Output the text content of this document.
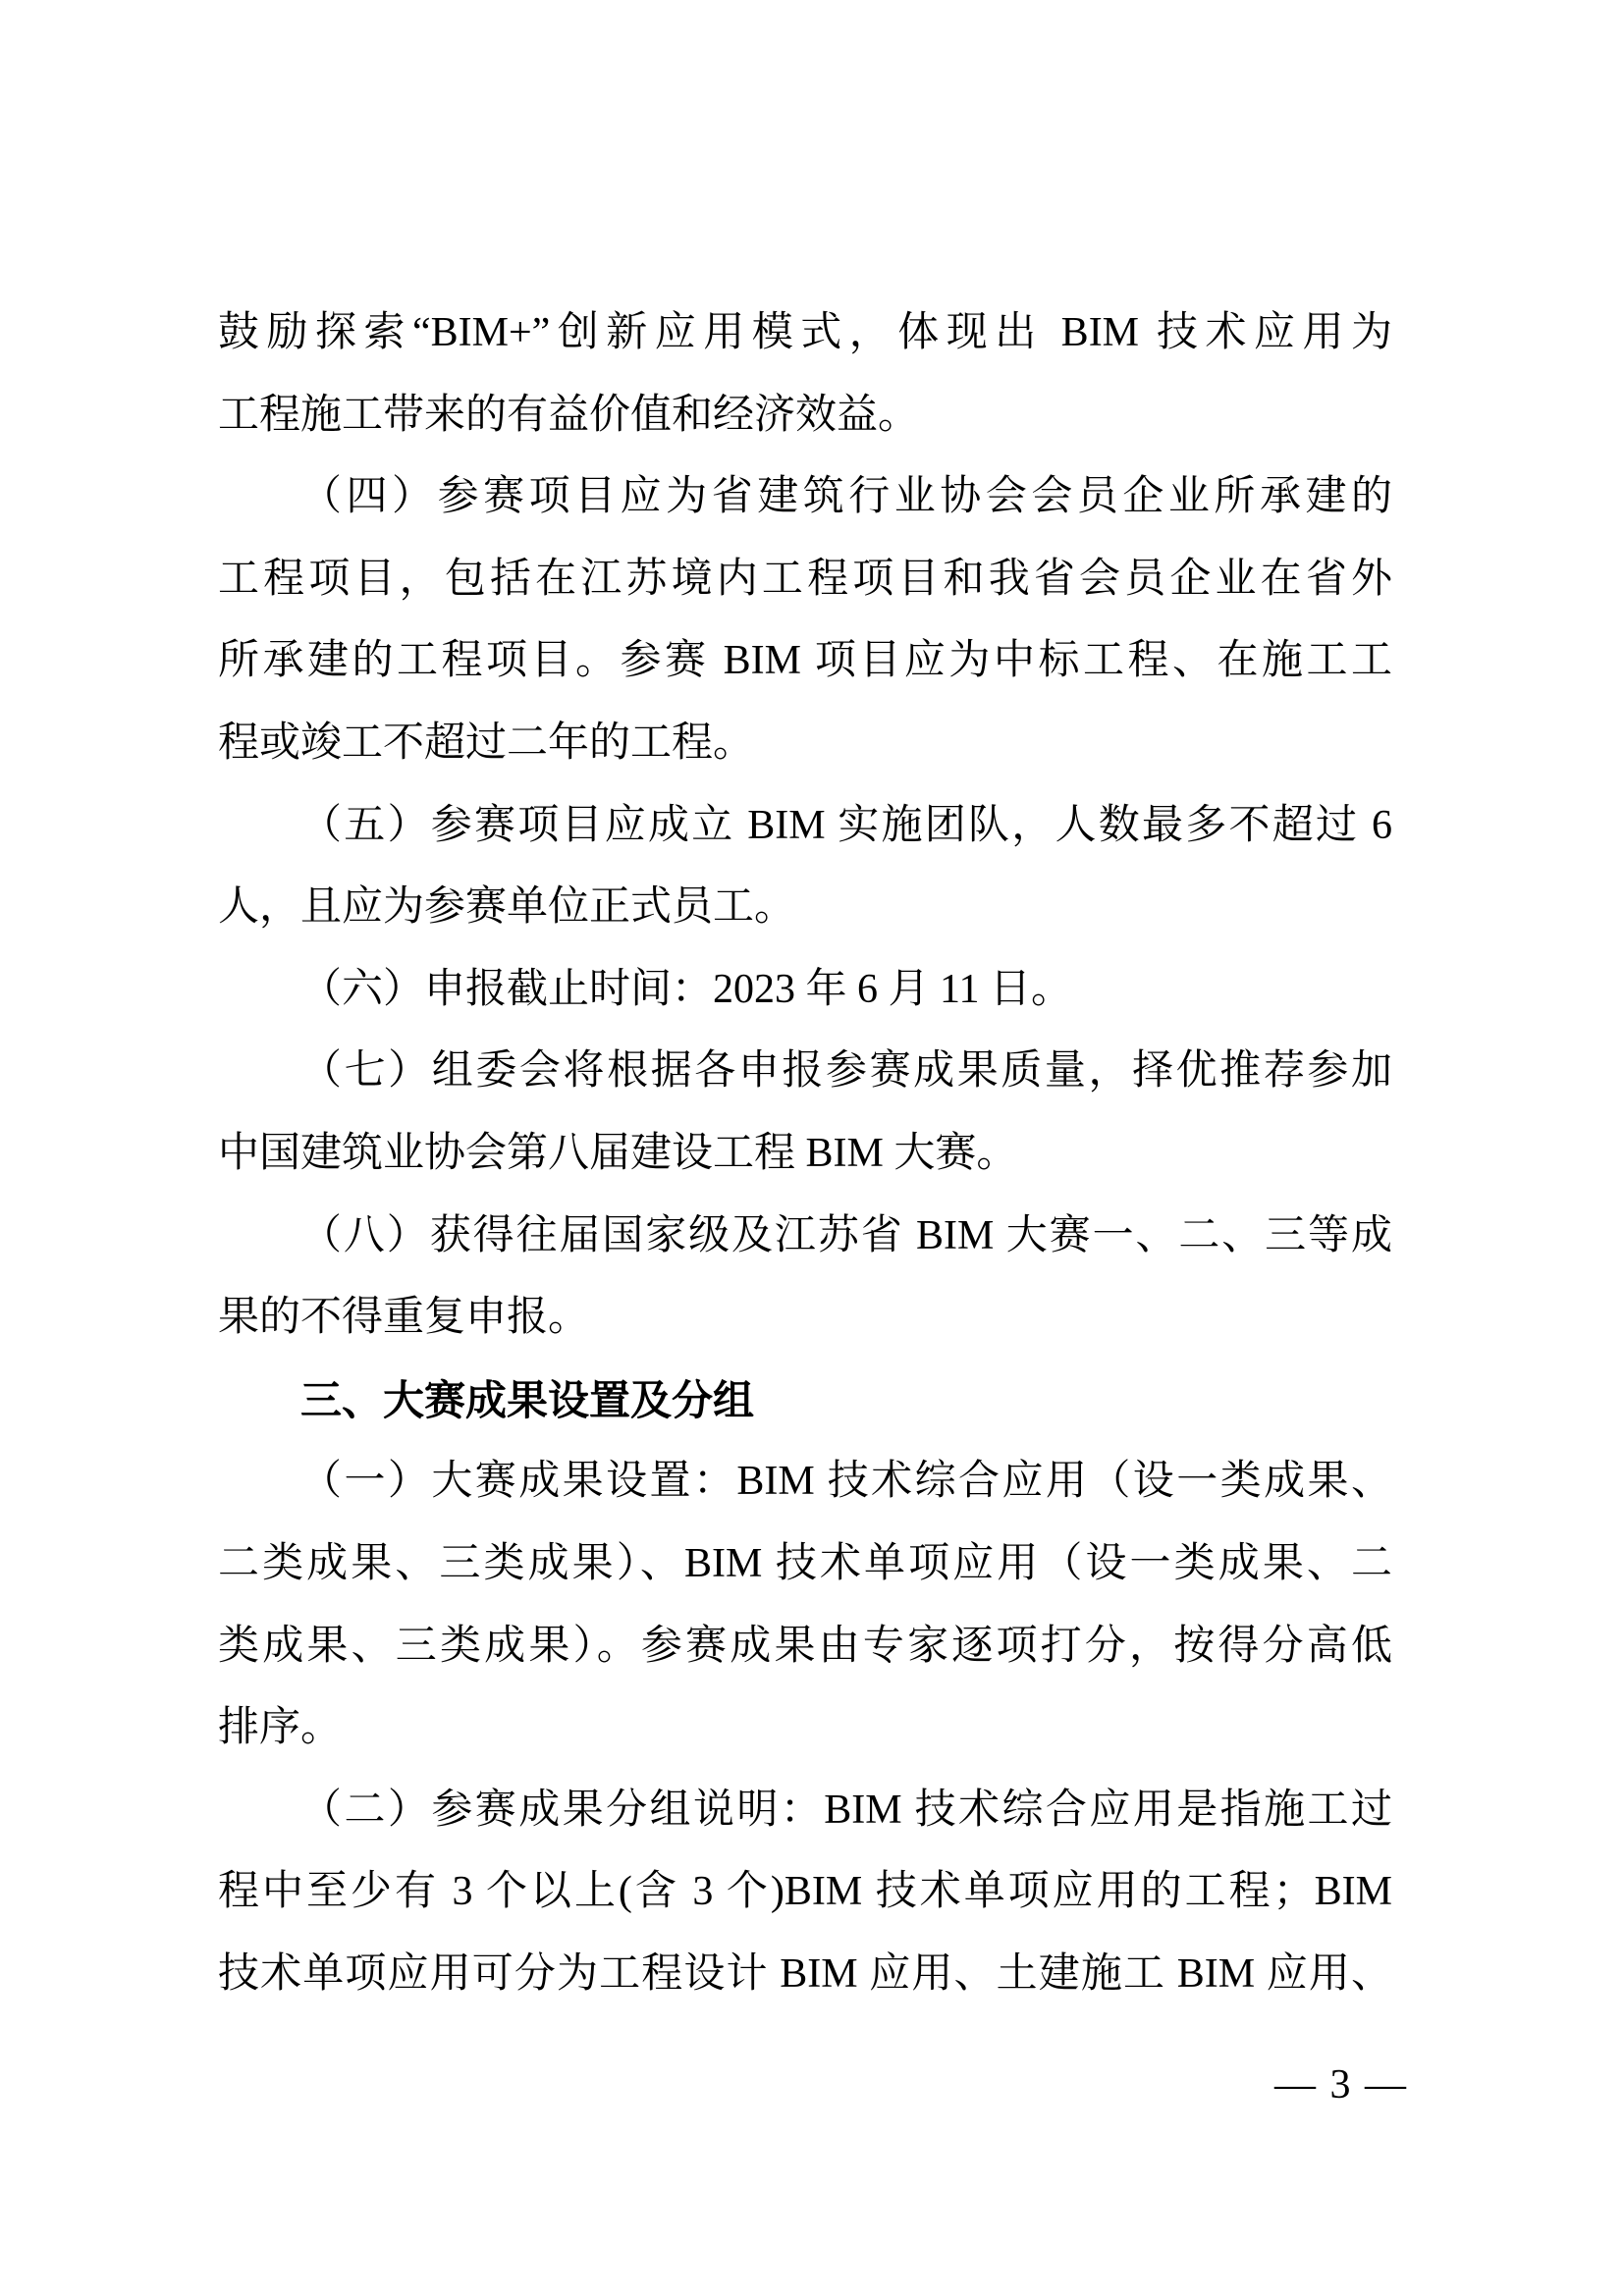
鼓励探索“BIM+”创新应用模式，体现出 BIM 技术应用为
工程施工带来的有益价值和经济效益。
（四）参赛项目应为省建筑行业协会会员企业所承建的
工程项目，包括在江苏境内工程项目和我省会员企业在省外
所承建的工程项目。参赛 BIM 项目应为中标工程、在施工工
程或竣工不超过二年的工程。
（五）参赛项目应成立 BIM 实施团队，人数最多不超过 6
人，且应为参赛单位正式员工。
（六）申报截止时间：2023 年 6 月 11 日。
（七）组委会将根据各申报参赛成果质量，择优推荐参加
中国建筑业协会第八届建设工程 BIM 大赛。
（八）获得往届国家级及江苏省 BIM 大赛一、二、三等成
果的不得重复申报。
三、大赛成果设置及分组
（一）大赛成果设置：BIM 技术综合应用（设一类成果、
二类成果、三类成果）、BIM 技术单项应用（设一类成果、二
类成果、三类成果）。参赛成果由专家逐项打分，按得分高低
排序。
（二）参赛成果分组说明：BIM 技术综合应用是指施工过
程中至少有 3 个以上(含 3 个)BIM 技术单项应用的工程；BIM
技术单项应用可分为工程设计 BIM 应用、土建施工 BIM 应用、
— 3 —
